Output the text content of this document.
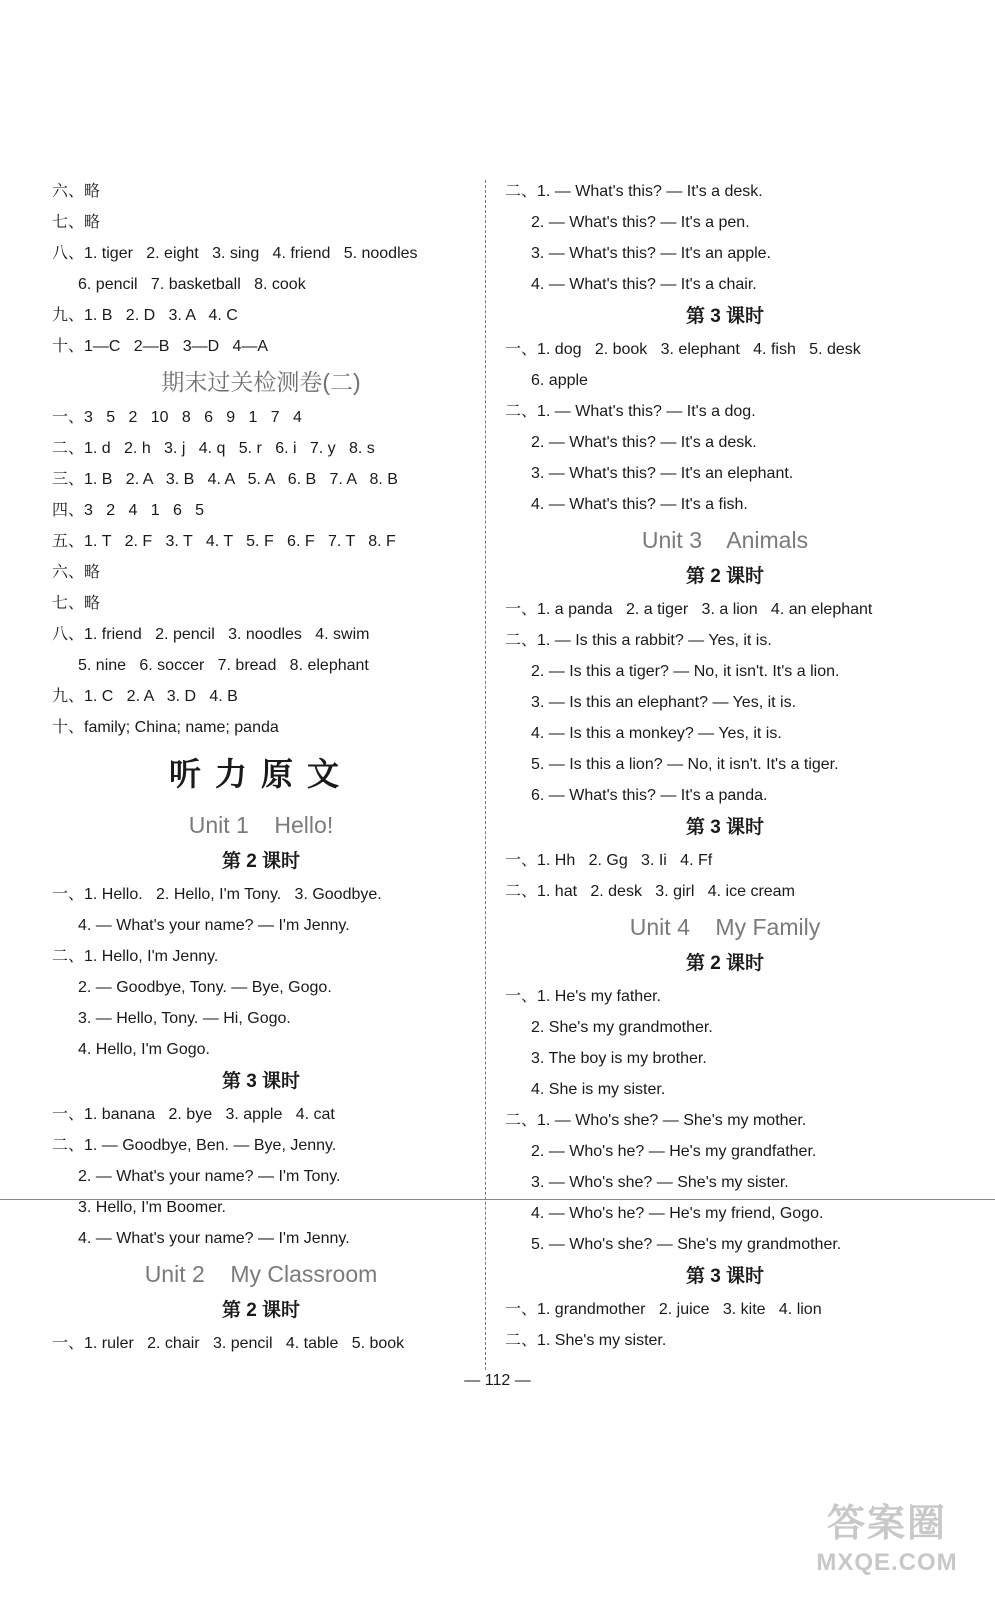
六、略
七、略
八、1. tiger   2. eight   3. sing   4. friend   5. noodles
6. pencil   7. basketball   8. cook
九、1. B   2. D   3. A   4. C
十、1—C   2—B   3—D   4—A
期末过关检测卷(二)
一、3   5   2   10   8   6   9   1   7   4
二、1. d   2. h   3. j   4. q   5. r   6. i   7. y   8. s
三、1. B   2. A   3. B   4. A   5. A   6. B   7. A   8. B
四、3   2   4   1   6   5
五、1. T   2. F   3. T   4. T   5. F   6. F   7. T   8. F
六、略
七、略
八、1. friend   2. pencil   3. noodles   4. swim
5. nine   6. soccer   7. bread   8. elephant
九、1. C   2. A   3. D   4. B
十、family; China; name; panda
听力原文
Unit 1    Hello!
第 2 课时
一、1. Hello.   2. Hello, I'm Tony.   3. Goodbye.
4. — What's your name? — I'm Jenny.
二、1. Hello, I'm Jenny.
2. — Goodbye, Tony. — Bye, Gogo.
3. — Hello, Tony. — Hi, Gogo.
4. Hello, I'm Gogo.
第 3 课时
一、1. banana   2. bye   3. apple   4. cat
二、1. — Goodbye, Ben. — Bye, Jenny.
2. — What's your name? — I'm Tony.
3. Hello, I'm Boomer.
4. — What's your name? — I'm Jenny.
Unit 2    My Classroom
第 2 课时
一、1. ruler   2. chair   3. pencil   4. table   5. book
二、1. — What's this? — It's a desk.
2. — What's this? — It's a pen.
3. — What's this? — It's an apple.
4. — What's this? — It's a chair.
第 3 课时
一、1. dog   2. book   3. elephant   4. fish   5. desk
6. apple
二、1. — What's this? — It's a dog.
2. — What's this? — It's a desk.
3. — What's this? — It's an elephant.
4. — What's this? — It's a fish.
Unit 3    Animals
第 2 课时
一、1. a panda   2. a tiger   3. a lion   4. an elephant
二、1. — Is this a rabbit? — Yes, it is.
2. — Is this a tiger? — No, it isn't. It's a lion.
3. — Is this an elephant? — Yes, it is.
4. — Is this a monkey? — Yes, it is.
5. — Is this a lion? — No, it isn't. It's a tiger.
6. — What's this? — It's a panda.
第 3 课时
一、1. Hh   2. Gg   3. Ii   4. Ff
二、1. hat   2. desk   3. girl   4. ice cream
Unit 4    My Family
第 2 课时
一、1. He's my father.
2. She's my grandmother.
3. The boy is my brother.
4. She is my sister.
二、1. — Who's she? — She's my mother.
2. — Who's he? — He's my grandfather.
3. — Who's she? — She's my sister.
4. — Who's he? — He's my friend, Gogo.
5. — Who's she? — She's my grandmother.
第 3 课时
一、1. grandmother   2. juice   3. kite   4. lion
二、1. She's my sister.
— 112 —
答案圈
MXQE.COM
